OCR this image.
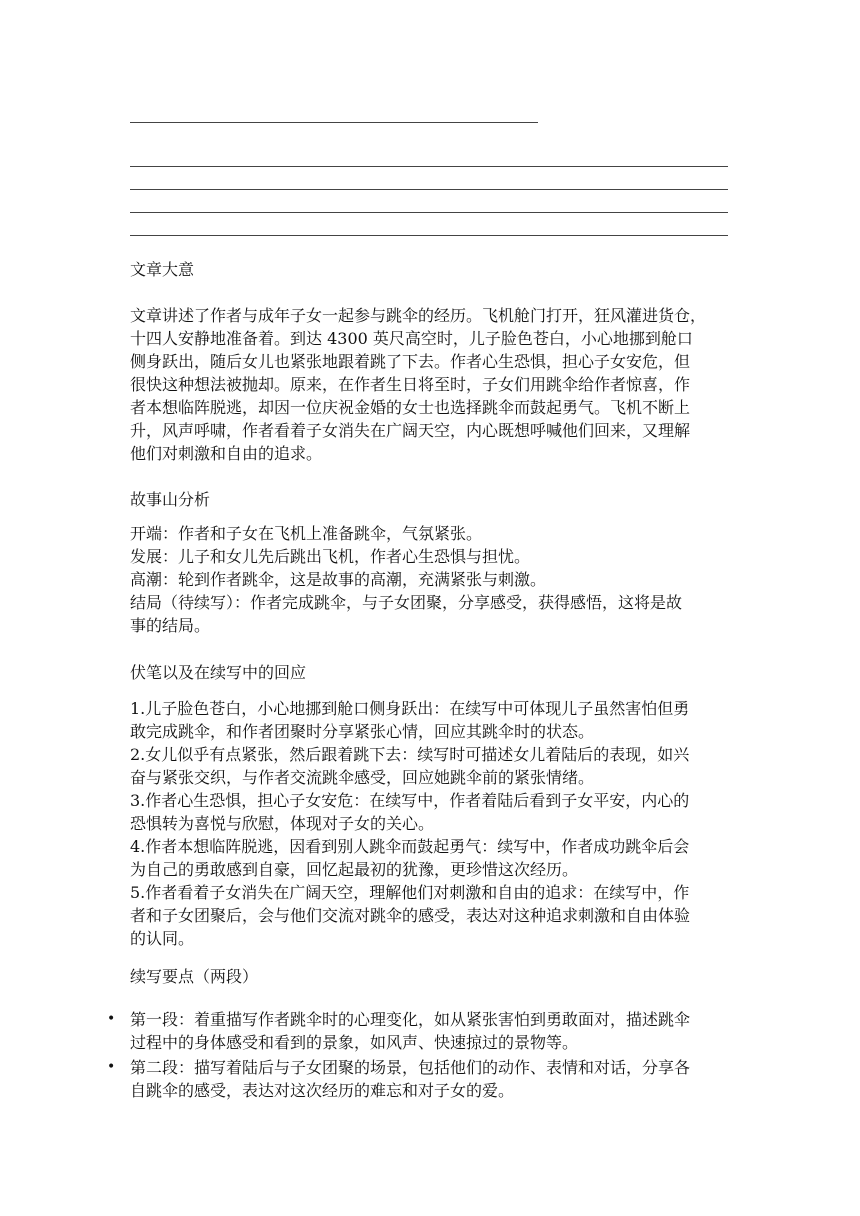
文章大意
文章讲述了作者与成年子女一起参与跳伞的经历。飞机舱门打开，狂风灌进货仓，
十四人安静地准备着。到达 4300 英尺高空时，儿子脸色苍白，小心地挪到舱口
侧身跃出，随后女儿也紧张地跟着跳了下去。作者心生恐惧，担心子女安危，但
很快这种想法被抛却。原来，在作者生日将至时，子女们用跳伞给作者惊喜，作
者本想临阵脱逃，却因一位庆祝金婚的女士也选择跳伞而鼓起勇气。飞机不断上
升，风声呼啸，作者看着子女消失在广阔天空，内心既想呼喊他们回来，又理解
他们对刺激和自由的追求。
故事山分析
开端：作者和子女在飞机上准备跳伞，气氛紧张。
发展：儿子和女儿先后跳出飞机，作者心生恐惧与担忧。
高潮：轮到作者跳伞，这是故事的高潮，充满紧张与刺激。
结局（待续写）：作者完成跳伞，与子女团聚，分享感受，获得感悟，这将是故
事的结局。
伏笔以及在续写中的回应
1.儿子脸色苍白，小心地挪到舱口侧身跃出：在续写中可体现儿子虽然害怕但勇
敢完成跳伞，和作者团聚时分享紧张心情，回应其跳伞时的状态。
2.女儿似乎有点紧张，然后跟着跳下去：续写时可描述女儿着陆后的表现，如兴
奋与紧张交织，与作者交流跳伞感受，回应她跳伞前的紧张情绪。
3.作者心生恐惧，担心子女安危：在续写中，作者着陆后看到子女平安，内心的
恐惧转为喜悦与欣慰，体现对子女的关心。
4.作者本想临阵脱逃，因看到别人跳伞而鼓起勇气：续写中，作者成功跳伞后会
为自己的勇敢感到自豪，回忆起最初的犹豫，更珍惜这次经历。
5.作者看着子女消失在广阔天空，理解他们对刺激和自由的追求：在续写中，作
者和子女团聚后，会与他们交流对跳伞的感受，表达对这种追求刺激和自由体验
的认同。
续写要点（两段）
• 第一段：着重描写作者跳伞时的心理变化，如从紧张害怕到勇敢面对，描述跳伞
过程中的身体感受和看到的景象，如风声、快速掠过的景物等。
• 第二段：描写着陆后与子女团聚的场景，包括他们的动作、表情和对话，分享各
自跳伞的感受，表达对这次经历的难忘和对子女的爱。
